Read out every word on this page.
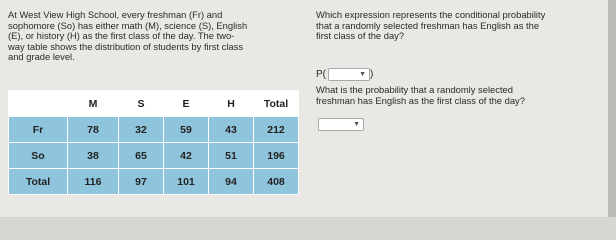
At West View High School, every freshman (Fr) and
sophomore (So) has either math (M), science (S), English
(E), or history (H) as the first class of the day. The two-
way table shows the distribution of students by first class
and grade level.
	M	S	E	H	Total
Fr	78	32	59	43	212
So	38	65	42	51	196
Total	116	97	101	94	408
Which expression represents the conditional probability
that a randomly selected freshman has English as the
first class of the day?
P(	▼ )
What is the probability that a randomly selected
freshman has English as the first class of the day?
▼
